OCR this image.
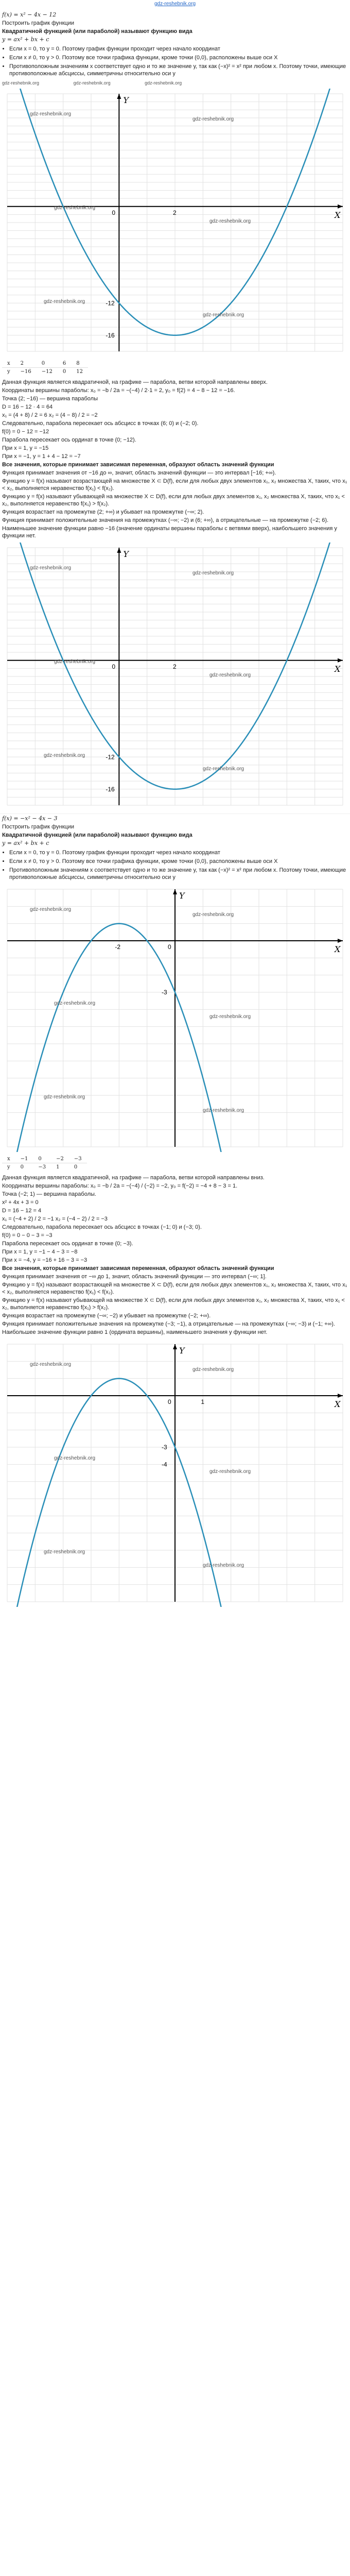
gdz-reshebnik.org
f(x) = x² − 4x − 12
Построить график функции
Квадратичной функцией (или параболой) называют функцию вида
y = ax² + bx + c
• Если x = 0, то y = 0. Поэтому график функции проходит через начало координат
• Если x ≠ 0, то y > 0. Поэтому все точки графика функции, кроме точки (0,0), расположены выше оси X
• Противоположным значениям x соответствует одно и то же значение y, так как (−x)² = x² при любом x. Поэтому точки, имеющие противоположные абсциссы, симметричны относительно оси y
gdz-reshebnik.org	gdz-reshebnik.org	gdz-reshebnik.org
X
Y
0	2
-12
-16
gdz-reshebnik.org
gdz-reshebnik.org
gdz-reshebnik.org
gdz-reshebnik.org
gdz-reshebnik.org
gdz-reshebnik.org
x	2	0	6	8
y	−16	−12	0	12
Данная функция является квадратичной, на графике — парабола, ветви которой направлены вверх.
Координаты вершины параболы: x₀ = −b / 2a = −(−4) / 2·1 = 2, y₀ = f(2) = 4 − 8 − 12 = −16.
Точка (2; −16) — вершина параболы
D = 16 − 12 · 4 = 64
x₁ = (4 + 8) / 2 = 6 x₂ = (4 − 8) / 2 = −2
Следовательно, парабола пересекает ось абсцисс в точках (6; 0) и (−2; 0).
f(0) = 0 − 12 = −12
Парабола пересекает ось ординат в точке (0; −12).
При x = 1, y = −15
При x = −1, y = 1 + 4 − 12 = −7
Все значения, которые принимает зависимая переменная, образуют область значений функции
Функция принимает значения от −16 до ∞, значит, область значений функции — это интервал [−16; +∞).
Функцию y = f(x) называют возрастающей на множестве X ⊂ D(f), если для любых двух элементов x₁, x₂ множества X, таких, что x₁ < x₂, выполняется неравенство f(x₁) < f(x₂).
Функцию y = f(x) называют убывающей на множестве X ⊂ D(f), если для любых двух элементов x₁, x₂ множества X, таких, что x₁ < x₂, выполняется неравенство f(x₁) > f(x₂).
Функция возрастает на промежутке (2; +∞) и убывает на промежутке (−∞; 2).
Функция принимает положительные значения на промежутках (−∞; −2) и (6; +∞), а отрицательные — на промежутке (−2; 6).
Наименьшее значение функции равно −16 (значение ординаты вершины параболы с ветвями вверх), наибольшего значения у функции нет.
X
Y
0	2
-12
-16
gdz-reshebnik.org
gdz-reshebnik.org
gdz-reshebnik.org
gdz-reshebnik.org
gdz-reshebnik.org
gdz-reshebnik.org
f(x) = −x² − 4x − 3
Построить график функции
Квадратичной функцией (или параболой) называют функцию вида
y = ax² + bx + c
• Если x = 0, то y = 0. Поэтому график функции проходит через начало координат
• Если x ≠ 0, то y > 0. Поэтому все точки графика функции, кроме точки (0,0), расположены выше оси X
• Противоположным значениям x соответствует одно и то же значение y, так как (−x)² = x² при любом x. Поэтому точки, имеющие противоположные абсциссы, симметричны относительно оси y
X
Y
0
-2
-3
gdz-reshebnik.org
gdz-reshebnik.org
gdz-reshebnik.org
gdz-reshebnik.org
gdz-reshebnik.org
gdz-reshebnik.org
x	−1	0	−2	−3
y	0	−3	1	0
Данная функция является квадратичной, на графике — парабола, ветви которой направлены вниз.
Координаты вершины параболы: x₀ = −b / 2a = −(−4) / (−2) = −2, y₀ = f(−2) = −4 + 8 − 3 = 1.
Точка (−2; 1) — вершина параболы.
x² + 4x + 3 = 0
D = 16 − 12 = 4
x₁ = (−4 + 2) / 2 = −1 x₂ = (−4 − 2) / 2 = −3
Следовательно, парабола пересекает ось абсцисс в точках (−1; 0) и (−3; 0).
f(0) = 0 − 0 − 3 = −3
Парабола пересекает ось ординат в точке (0; −3).
При x = 1, y = −1 − 4 − 3 = −8
При x = −4, y = −16 + 16 − 3 = −3
Все значения, которые принимает зависимая переменная, образуют область значений функции
Функция принимает значения от −∞ до 1, значит, область значений функции — это интервал (−∞; 1].
Функцию y = f(x) называют возрастающей на множестве X ⊂ D(f), если для любых двух элементов x₁, x₂ множества X, таких, что x₁ < x₂, выполняется неравенство f(x₁) < f(x₂).
Функцию y = f(x) называют убывающей на множестве X ⊂ D(f), если для любых двух элементов x₁, x₂ множества X, таких, что x₁ < x₂, выполняется неравенство f(x₁) > f(x₂).
Функция возрастает на промежутке (−∞; −2) и убывает на промежутке (−2; +∞).
Функция принимает положительные значения на промежутке (−3; −1), а отрицательные — на промежутках (−∞; −3) и (−1; +∞).
Наибольшее значение функции равно 1 (ордината вершины), наименьшего значения у функции нет.
X
Y
0	1
-3
-4
gdz-reshebnik.org
gdz-reshebnik.org
gdz-reshebnik.org
gdz-reshebnik.org
gdz-reshebnik.org
gdz-reshebnik.org
